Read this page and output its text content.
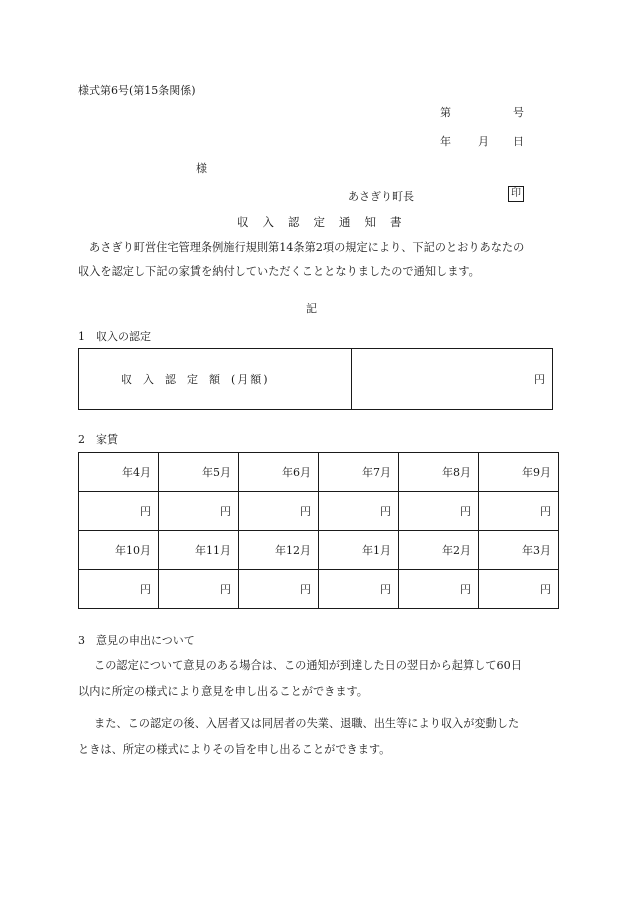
様式第6号(第15条関係)
第	号
年 月 日
様
あさぎり町長	印
収入認定通知書
あさぎり町営住宅管理条例施行規則第14条第2項の規定により、下記のとおりあなたの
収入を認定し下記の家賃を納付していただくこととなりましたので通知します。
記
1　収入の認定
収入認定額(月額)	円
2　家賃
年4月	年5月	年6月	年7月	年8月	年9月
円	円	円	円	円	円
年10月	年11月	年12月	年1月	年2月	年3月
円	円	円	円	円	円
3　意見の申出について
この認定について意見のある場合は、この通知が到達した日の翌日から起算して60日
以内に所定の様式により意見を申し出ることができます。
また、この認定の後、入居者又は同居者の失業、退職、出生等により収入が変動した
ときは、所定の様式によりその旨を申し出ることができます。
